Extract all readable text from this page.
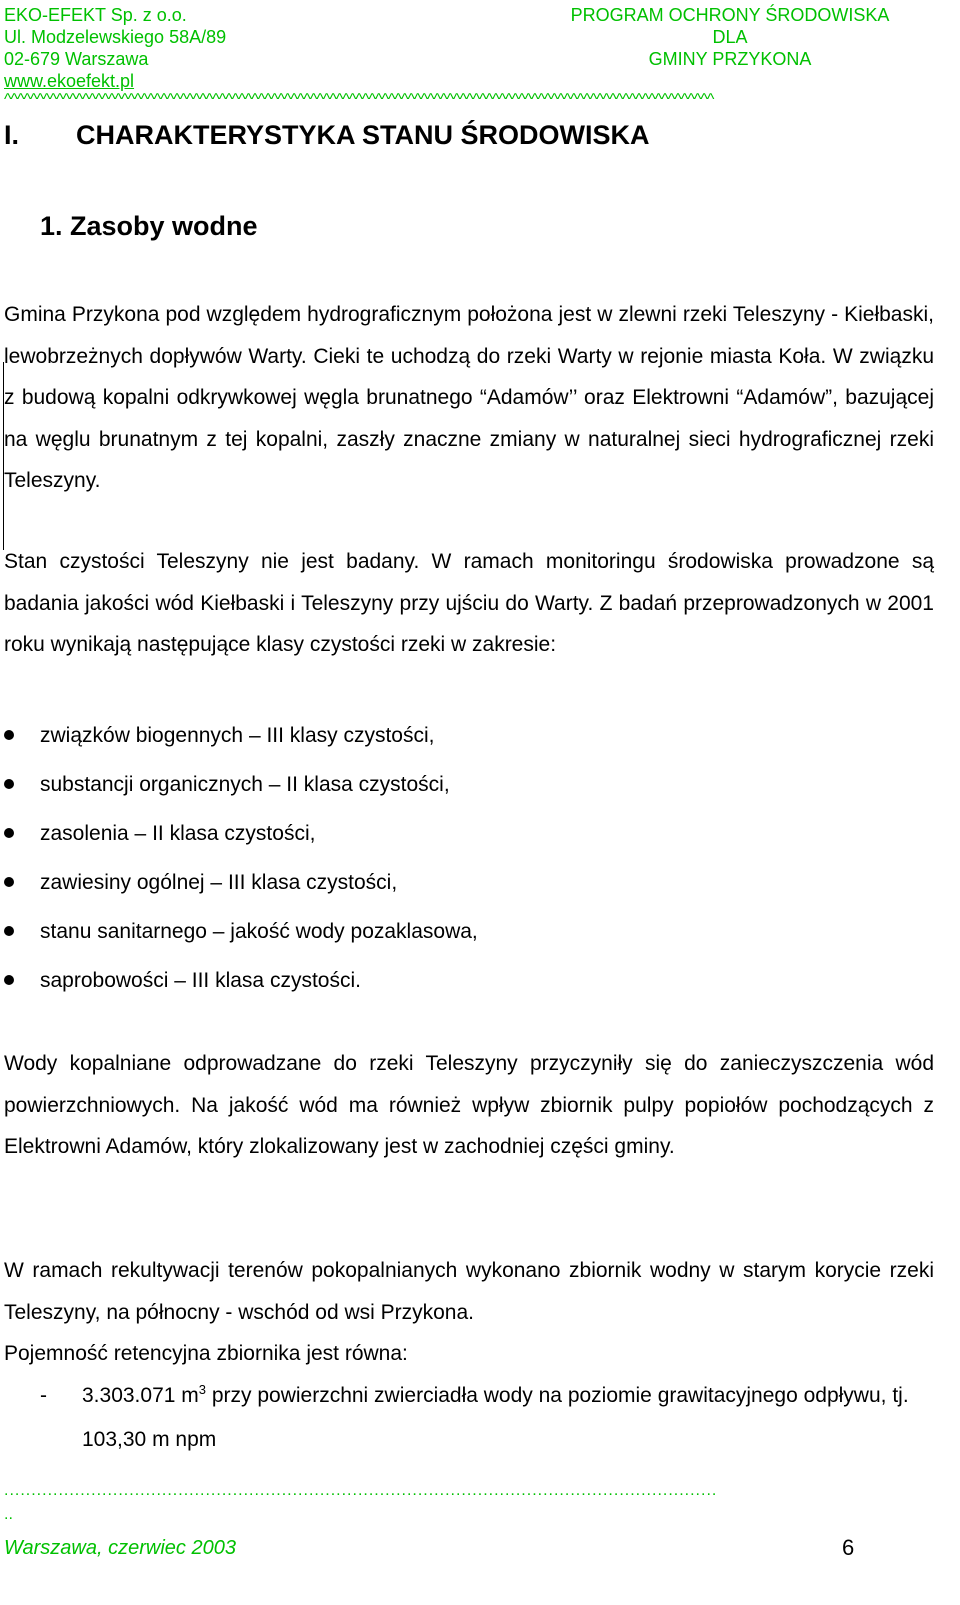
EKO-EFEKT Sp. z o.o.
Ul. Modzelewskiego 58A/89
02-679 Warszawa
www.ekoefekt.pl
PROGRAM OCHRONY ŚRODOWISKA
DLA
GMINY PRZYKONA
^^^^^^^^^^^^^^^^^^^^^^^^^^^^^^^^^^^^^^^^^^^^^^^^^^^^^^^^^^^^^^^^^^^^^^^^^^^^^^^^^^^^^^^^^^^^^^^^^^^^^^^^^^^^^
I. CHARAKTERYSTYKA STANU ŚRODOWISKA
1. Zasoby wodne
Gmina Przykona pod względem hydrograficznym położona jest w zlewni rzeki Teleszyny - Kiełbaski, lewobrzeżnych dopływów Warty. Cieki te uchodzą do rzeki Warty w rejonie miasta Koła. W związku z budową kopalni odkrywkowej węgla brunatnego “Adamów’’ oraz Elektrowni “Adamów”, bazującej na węglu brunatnym z tej kopalni, zaszły znaczne zmiany w naturalnej sieci hydrograficznej rzeki Teleszyny.
Stan czystości Teleszyny nie jest badany. W ramach monitoringu środowiska prowadzone są badania jakości wód Kiełbaski i Teleszyny przy ujściu do Warty. Z badań przeprowadzonych w 2001 roku wynikają następujące klasy czystości rzeki w zakresie:
związków biogennych – III klasy czystości,
substancji organicznych – II klasa czystości,
zasolenia – II klasa czystości,
zawiesiny ogólnej – III klasa czystości,
stanu sanitarnego – jakość wody pozaklasowa,
saprobowości – III klasa czystości.
Wody kopalniane odprowadzane do rzeki Teleszyny przyczyniły się do zanieczyszczenia wód powierzchniowych. Na jakość wód ma również wpływ zbiornik pulpy popiołów pochodzących z Elektrowni Adamów, który zlokalizowany jest w zachodniej części gminy.
W ramach rekultywacji terenów pokopalnianych wykonano zbiornik wodny w starym korycie rzeki Teleszyny, na północny - wschód od wsi Przykona.
Pojemność retencyjna zbiornika jest równa:
- 3.303.071 $m^3$ przy powierzchni zwierciadła wody na poziomie grawitacyjnego odpływu, tj. 103,30 m npm
...................................................................................................................................
..
Warszawa, czerwiec 2003	6
